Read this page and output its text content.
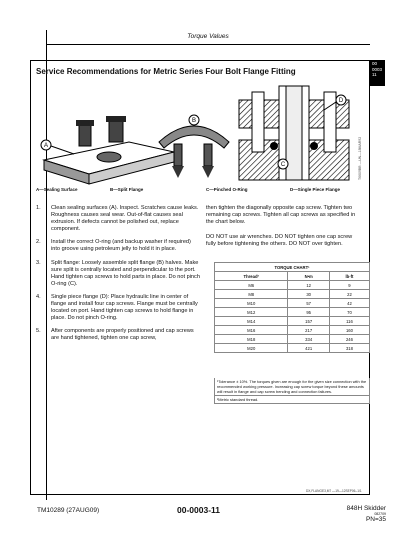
Torque Values
00
0003
11
Service Recommendations for Metric Series Four Bolt Flange Fitting
A
B
C
D
T6609BB —UN—18MAR92
A—Sealing Surface	B—Split Flange	C—Pinched O-Ring	D—Single Piece Flange
1. Clean sealing surfaces (A). Inspect. Scratches cause leaks. Roughness causes seal wear. Out-of-flat causes seal extrusion. If defects cannot be polished out, replace component.
2. Install the correct O-ring (and backup washer if required) into groove using petroleum jelly to hold it in place.
3. Split flange: Loosely assemble split flange (B) halves. Make sure split is centrally located and perpendicular to the port. Hand tighten cap screws to hold parts in place. Do not pinch O-ring (C).
4. Single piece flange (D): Place hydraulic line in center of flange and install four cap screws. Flange must be centrally located on port. Hand tighten cap screws to hold flange in place. Do not pinch O-ring.
5. After components are properly positioned and cap screws are hand tightened, tighten one cap screw,
then tighten the diagonally opposite cap screw. Tighten two remaining cap screws. Tighten all cap screws as specified in the chart below.
DO NOT use air wrenches. DO NOT tighten one cap screw fully before tightening the others. DO NOT over tighten.
TORQUE CHART¹		
Thread²	N•m	lb-ft
M6	12	9
M8	30	22
M10	57	42
M12	95	70
M14	157	116
M16	217	160
M18	334	246
M20	421	318
¹Tolerance ± 10%. The torques given are enough for the given size connection with the recommended working pressure. Increasing cap screw torque beyond these amounts will result in flange and cap screw bending and connection failures.
²Metric standard thread.
DX,FLANGE3,M7 —19—12SEP06–1/1
TM10289 (27AUG09)	00-0003-11	848H Skidder
082709
PN=35
